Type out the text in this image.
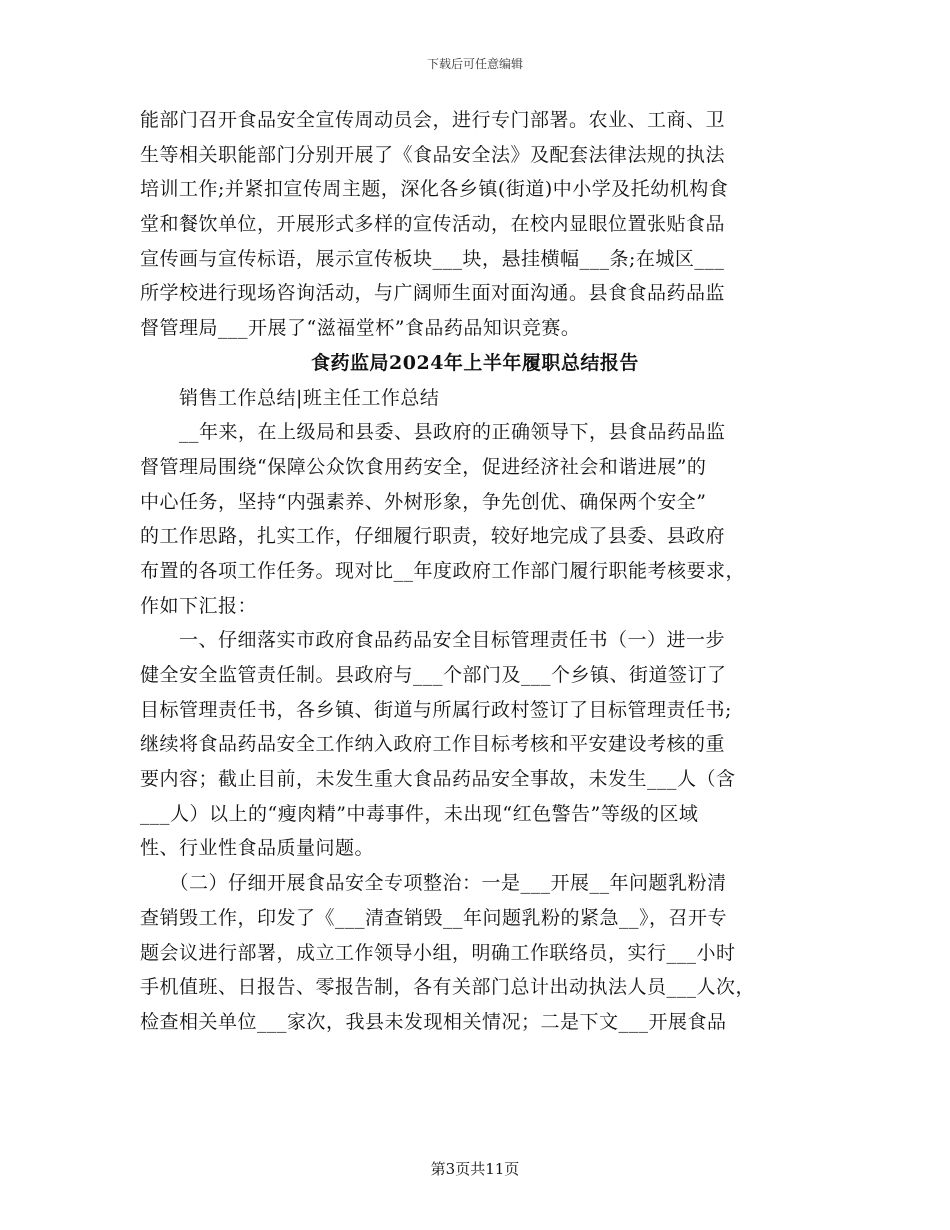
下载后可任意编辑
能部门召开食品安全宣传周动员会，进行专门部署。农业、工商、卫
生等相关职能部门分别开展了《食品安全法》及配套法律法规的执法
培训工作;并紧扣宣传周主题，深化各乡镇(街道)中小学及托幼机构食
堂和餐饮单位，开展形式多样的宣传活动，在校内显眼位置张贴食品
宣传画与宣传标语，展示宣传板块___块，悬挂横幅___条;在城区___
所学校进行现场咨询活动，与广阔师生面对面沟通。县食食品药品监
督管理局___开展了“滋福堂杯”食品药品知识竞赛。
食药监局2024年上半年履职总结报告
　　销售工作总结|班主任工作总结
　　__年来，在上级局和县委、县政府的正确领导下，县食品药品监
督管理局围绕“保障公众饮食用药安全，促进经济社会和谐进展”的
中心任务，坚持“内强素养、外树形象，争先创优、确保两个安全”
的工作思路，扎实工作，仔细履行职责，较好地完成了县委、县政府
布置的各项工作任务。现对比__年度政府工作部门履行职能考核要求，
作如下汇报：
　　一、仔细落实市政府食品药品安全目标管理责任书（一）进一步
健全安全监管责任制。县政府与___个部门及___个乡镇、街道签订了
目标管理责任书，各乡镇、街道与所属行政村签订了目标管理责任书;
继续将食品药品安全工作纳入政府工作目标考核和平安建设考核的重
要内容；截止目前，未发生重大食品药品安全事故，未发生___人（含
___人）以上的“瘦肉精”中毒事件，未出现“红色警告”等级的区域
性、行业性食品质量问题。
　　（二）仔细开展食品安全专项整治：一是___开展__年问题乳粉清
查销毁工作，印发了《___清查销毁__年问题乳粉的紧急__》，召开专
题会议进行部署，成立工作领导小组，明确工作联络员，实行___小时
手机值班、日报告、零报告制，各有关部门总计出动执法人员___人次，
检查相关单位___家次，我县未发现相关情况；二是下文___开展食品
第3页共11页
